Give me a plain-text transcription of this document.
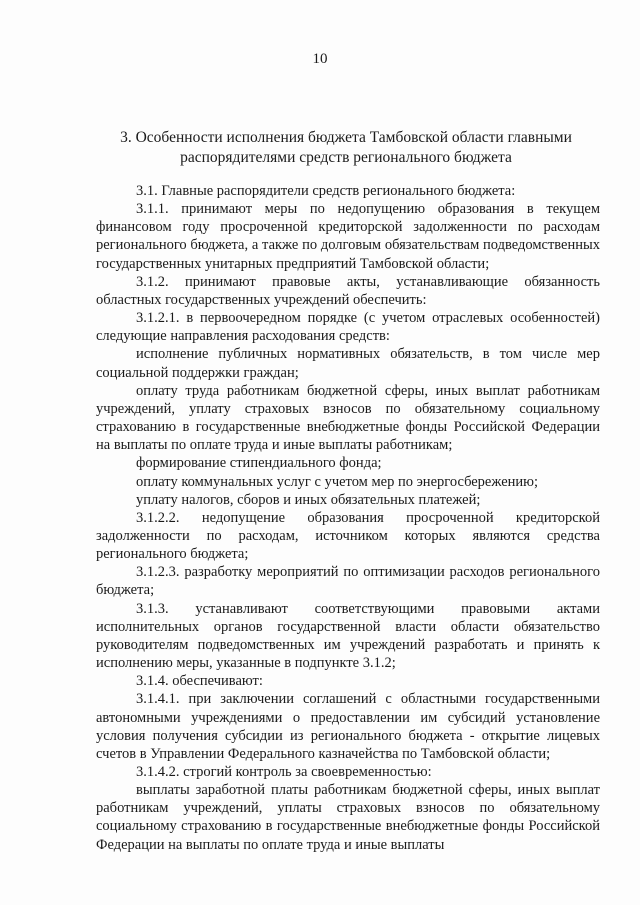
10
3. Особенности исполнения бюджета Тамбовской области главными распорядителями средств регионального бюджета

3.1. Главные распорядители средств регионального бюджета:

3.1.1. принимают меры по недопущению образования в текущем финансовом году просроченной кредиторской задолженности по расходам регионального бюджета, а также по долговым обязательствам подведомственных государственных унитарных предприятий Тамбовской области;

3.1.2. принимают правовые акты, устанавливающие обязанность областных государственных учреждений обеспечить:

3.1.2.1. в первоочередном порядке (с учетом отраслевых особенностей) следующие направления расходования средств:

исполнение публичных нормативных обязательств, в том числе мер социальной поддержки граждан;

оплату труда работникам бюджетной сферы, иных выплат работникам учреждений, уплату страховых взносов по обязательному социальному страхованию в государственные внебюджетные фонды Российской Федерации на выплаты по оплате труда и иные выплаты работникам;

формирование стипендиального фонда;

оплату коммунальных услуг с учетом мер по энергосбережению;

уплату налогов, сборов и иных обязательных платежей;

3.1.2.2. недопущение образования просроченной кредиторской задолженности по расходам, источником которых являются средства регионального бюджета;

3.1.2.3. разработку мероприятий по оптимизации расходов регионального бюджета;

3.1.3. устанавливают соответствующими правовыми актами исполнительных органов государственной власти области обязательство руководителям подведомственных им учреждений разработать и принять к исполнению меры, указанные в подпункте 3.1.2;

3.1.4. обеспечивают:

3.1.4.1. при заключении соглашений с областными государственными автономными учреждениями о предоставлении им субсидий установление условия получения субсидии из регионального бюджета - открытие лицевых счетов в Управлении Федерального казначейства по Тамбовской области;

3.1.4.2. строгий контроль за своевременностью:

выплаты заработной платы работникам бюджетной сферы, иных выплат работникам учреждений, уплаты страховых взносов по обязательному социальному страхованию в государственные внебюджетные фонды Российской Федерации на выплаты по оплате труда и иные выплаты
